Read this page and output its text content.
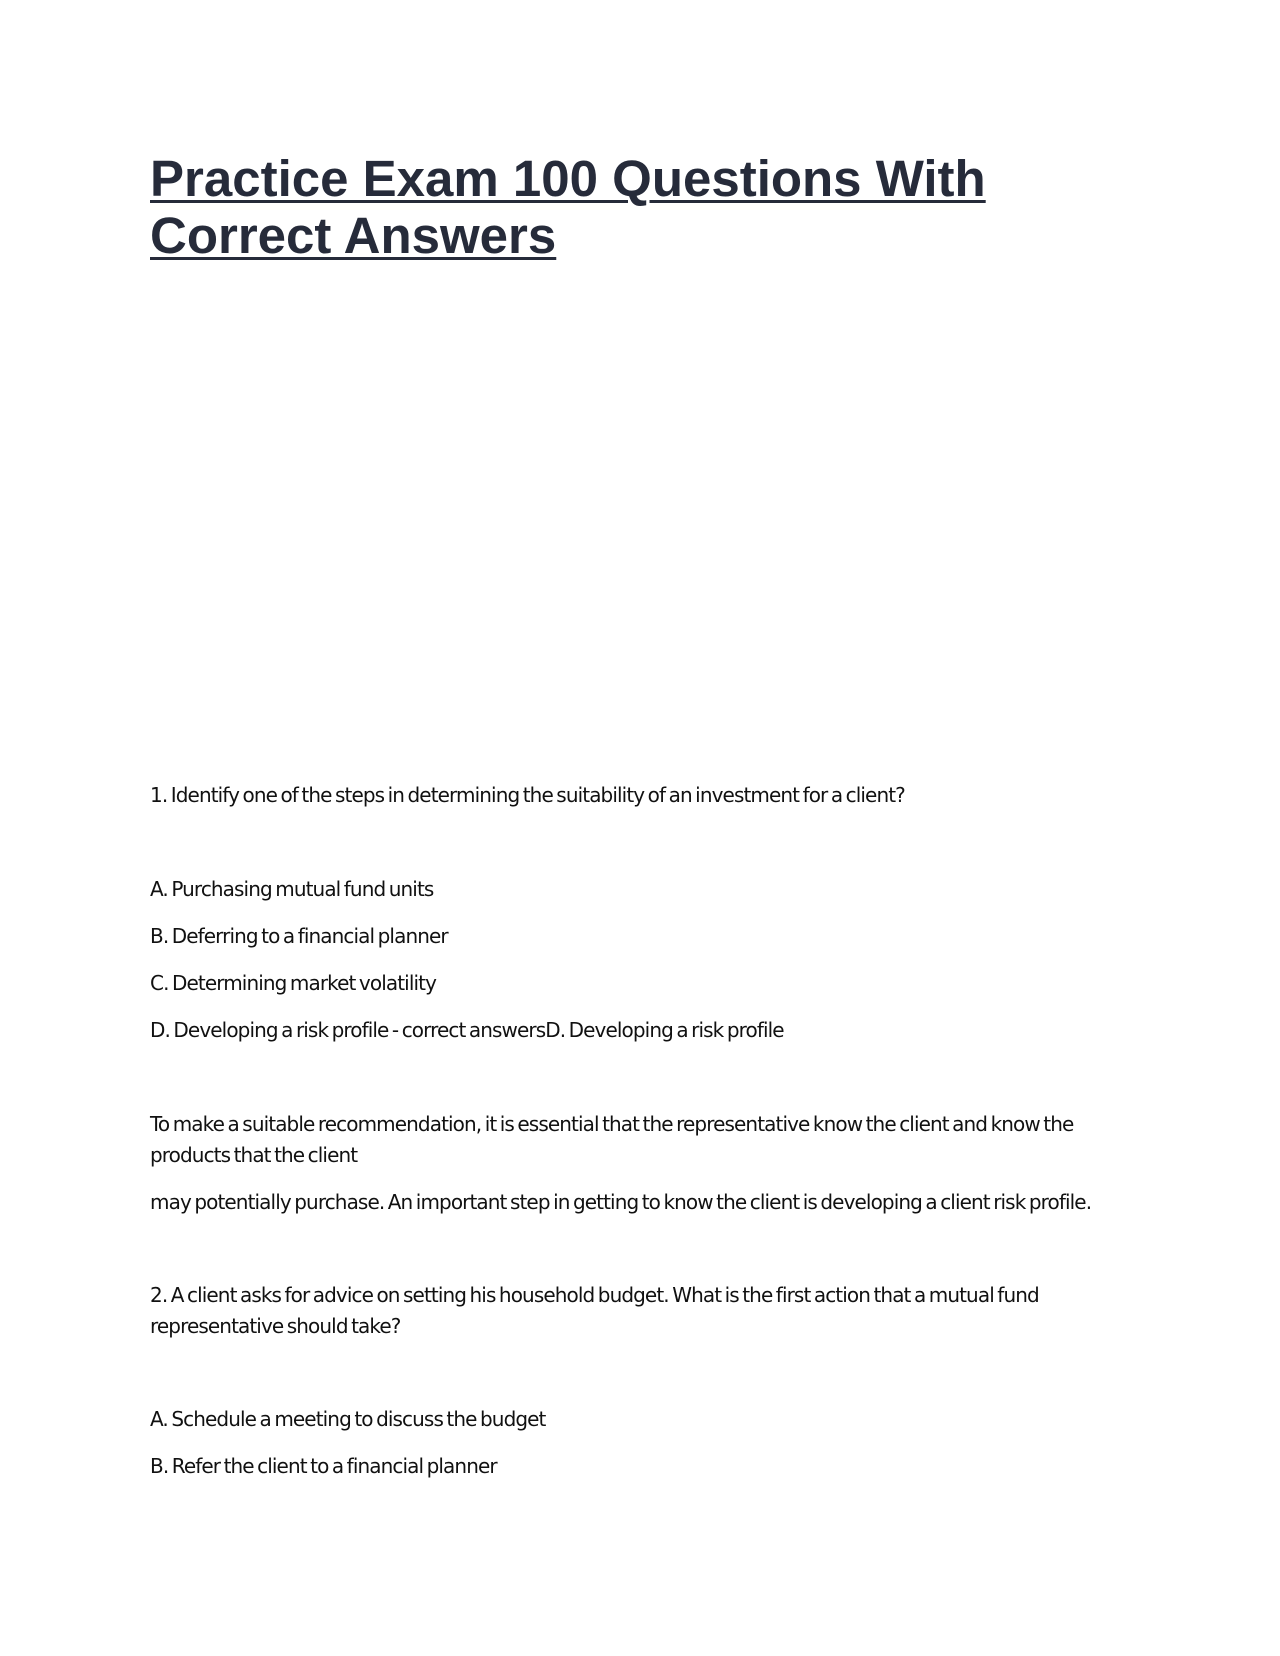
Practice Exam 100 Questions With
Correct Answers

1. Identify one of the steps in determining the suitability of an investment for a client?

A. Purchasing mutual fund units

B. Deferring to a financial planner

C. Determining market volatility

D. Developing a risk profile - correct answersD. Developing a risk profile

To make a suitable recommendation, it is essential that the representative know the client and know the products that the client

may potentially purchase. An important step in getting to know the client is developing a client risk profile.

2. A client asks for advice on setting his household budget. What is the first action that a mutual fund representative should take?

A. Schedule a meeting to discuss the budget

B. Refer the client to a financial planner
